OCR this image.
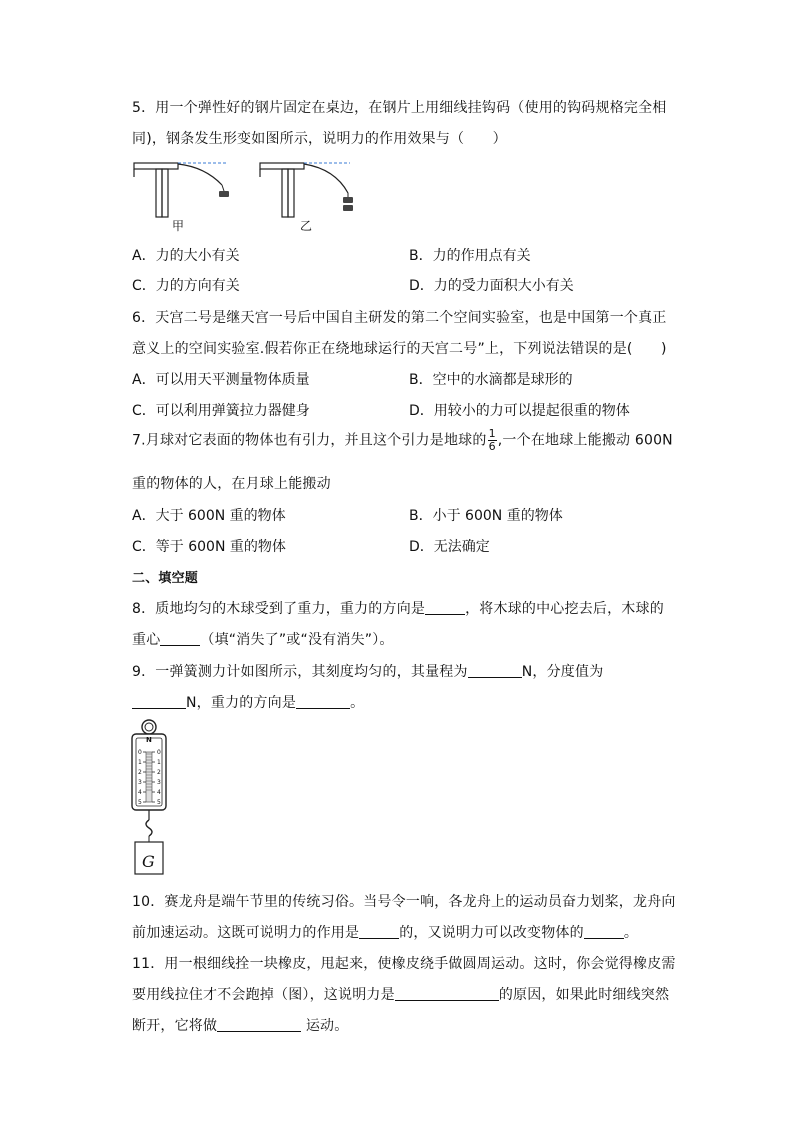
5．用一个弹性好的钢片固定在桌边，在钢片上用细线挂钩码（使用的钩码规格完全相
同)，钢条发生形变如图所示，说明力的作用效果与（　　）
甲	乙
A．力的大小有关	B．力的作用点有关
C．力的方向有关	D．力的受力面积大小有关
6．天宫二号是继天宫一号后中国自主研发的第二个空间实验室，也是中国第一个真正
意义上的空间实验室.假若你正在绕地球运行的天宫二号”上，下列说法错误的是(　　)
A．可以用天平测量物体质量	B．空中的水滴都是球形的
C．可以利用弹簧拉力器健身	D．用较小的力可以提起很重的物体
7.月球对它表面的物体也有引力，并且这个引力是地球的 $\frac{1}{6}$ ,一个在地球上能搬动 600N
重的物体的人，在月球上能搬动
A．大于 600N 重的物体	B．小于 600N 重的物体
C．等于 600N 重的物体	D．无法确定
二、填空题
8．质地均匀的木球受到了重力，重力的方向是	，将木球的中心挖去后，木球的
重心	（填“消失了”或“没有消失”）。
9．一弹簧测力计如图所示，其刻度均匀的，其量程为	N，分度值为
N，重力的方向是	。
N
0
1
2
3
4
5
0
1
2
3
4
5
G
10．赛龙舟是端午节里的传统习俗。当号令一响，各龙舟上的运动员奋力划桨，龙舟向
前加速运动。这既可说明力的作用是	的，又说明力可以改变物体的	。
11．用一根细线拴一块橡皮，甩起来，使橡皮绕手做圆周运动。这时，你会觉得橡皮需
要用线拉住才不会跑掉（图），这说明力是	的原因，如果此时细线突然
断开，它将做	运动。
